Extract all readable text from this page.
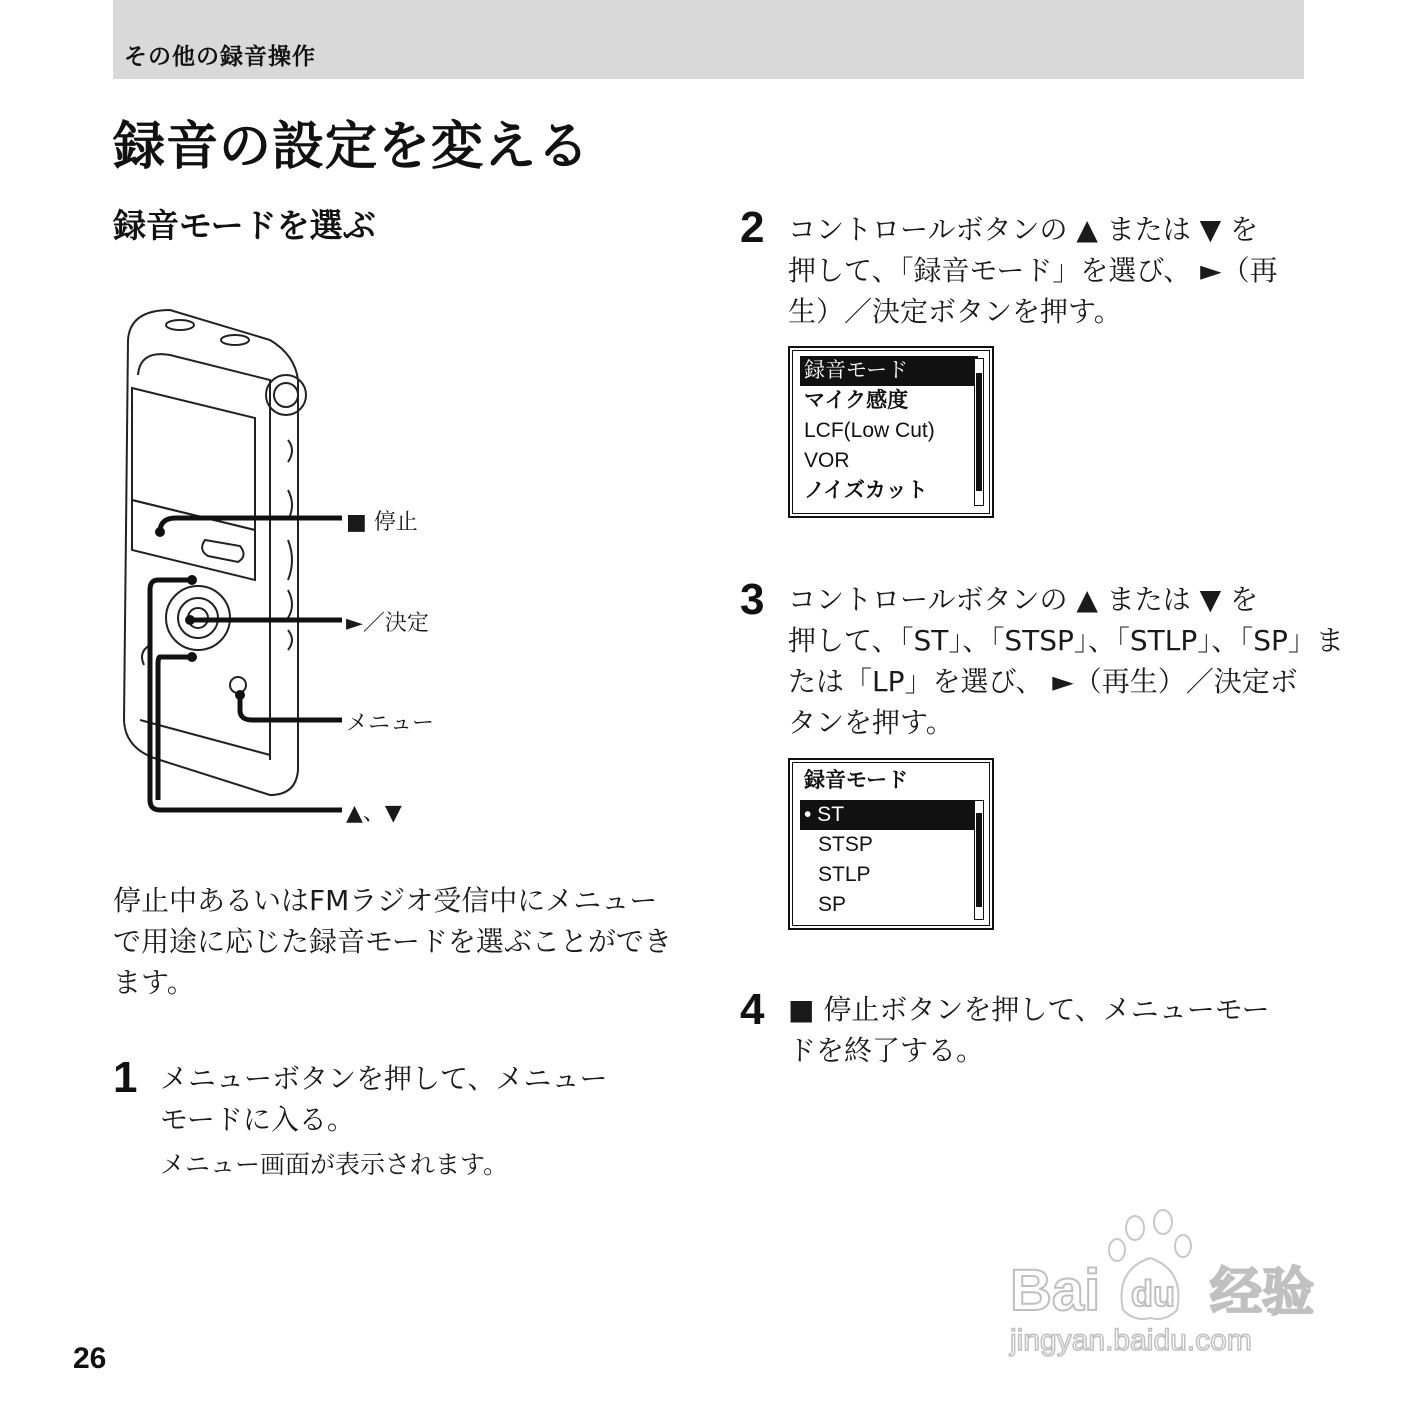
その他の録音操作
録音の設定を変える
録音モードを選ぶ
■ 停止
►／決定
メニュー
▲、▼
停止中あるいはFMラジオ受信中にメニュー
で用途に応じた録音モードを選ぶことができ
ます。
1 メニューボタンを押して、メニュー
モードに入る。
メニュー画面が表示されます。
2 コントロールボタンの ▲ または ▼ を
押して、「録音モード」を選び、 ►（再
生）／決定ボタンを押す。
録音モード
マイク感度
LCF(Low Cut)
VOR
ノイズカット
3 コントロールボタンの ▲ または ▼ を
押して、「ST」、「STSP」、「STLP」、「SP」ま
たは「LP」を選び、 ►（再生）／決定ボ
タンを押す。
録音モード
• ST
STSP
STLP
SP
4 ■ 停止ボタンを押して、メニューモー
ドを終了する。
26
Bai du 经验
jingyan.baidu.com
